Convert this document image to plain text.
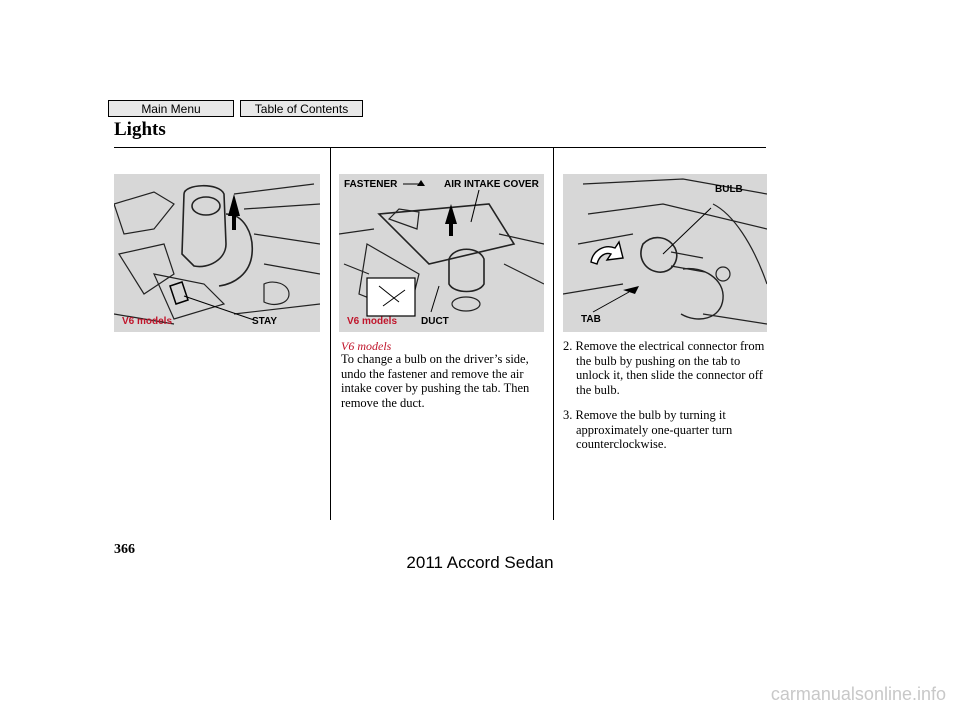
Main Menu	Table of Contents
Lights
V6 models	STAY
FASTENER	AIR INTAKE COVER
V6 models DUCT
BULB
TAB
V6 models

To change a bulb on the driver’s side, undo the fastener and remove the air intake cover by pushing the tab. Then remove the duct.

2. Remove the electrical connector from the bulb by pushing on the tab to unlock it, then slide the connector off the bulb.

3. Remove the bulb by turning it approximately one-quarter turn counterclockwise.

366
2011 Accord Sedan
carmanualsonline.info
